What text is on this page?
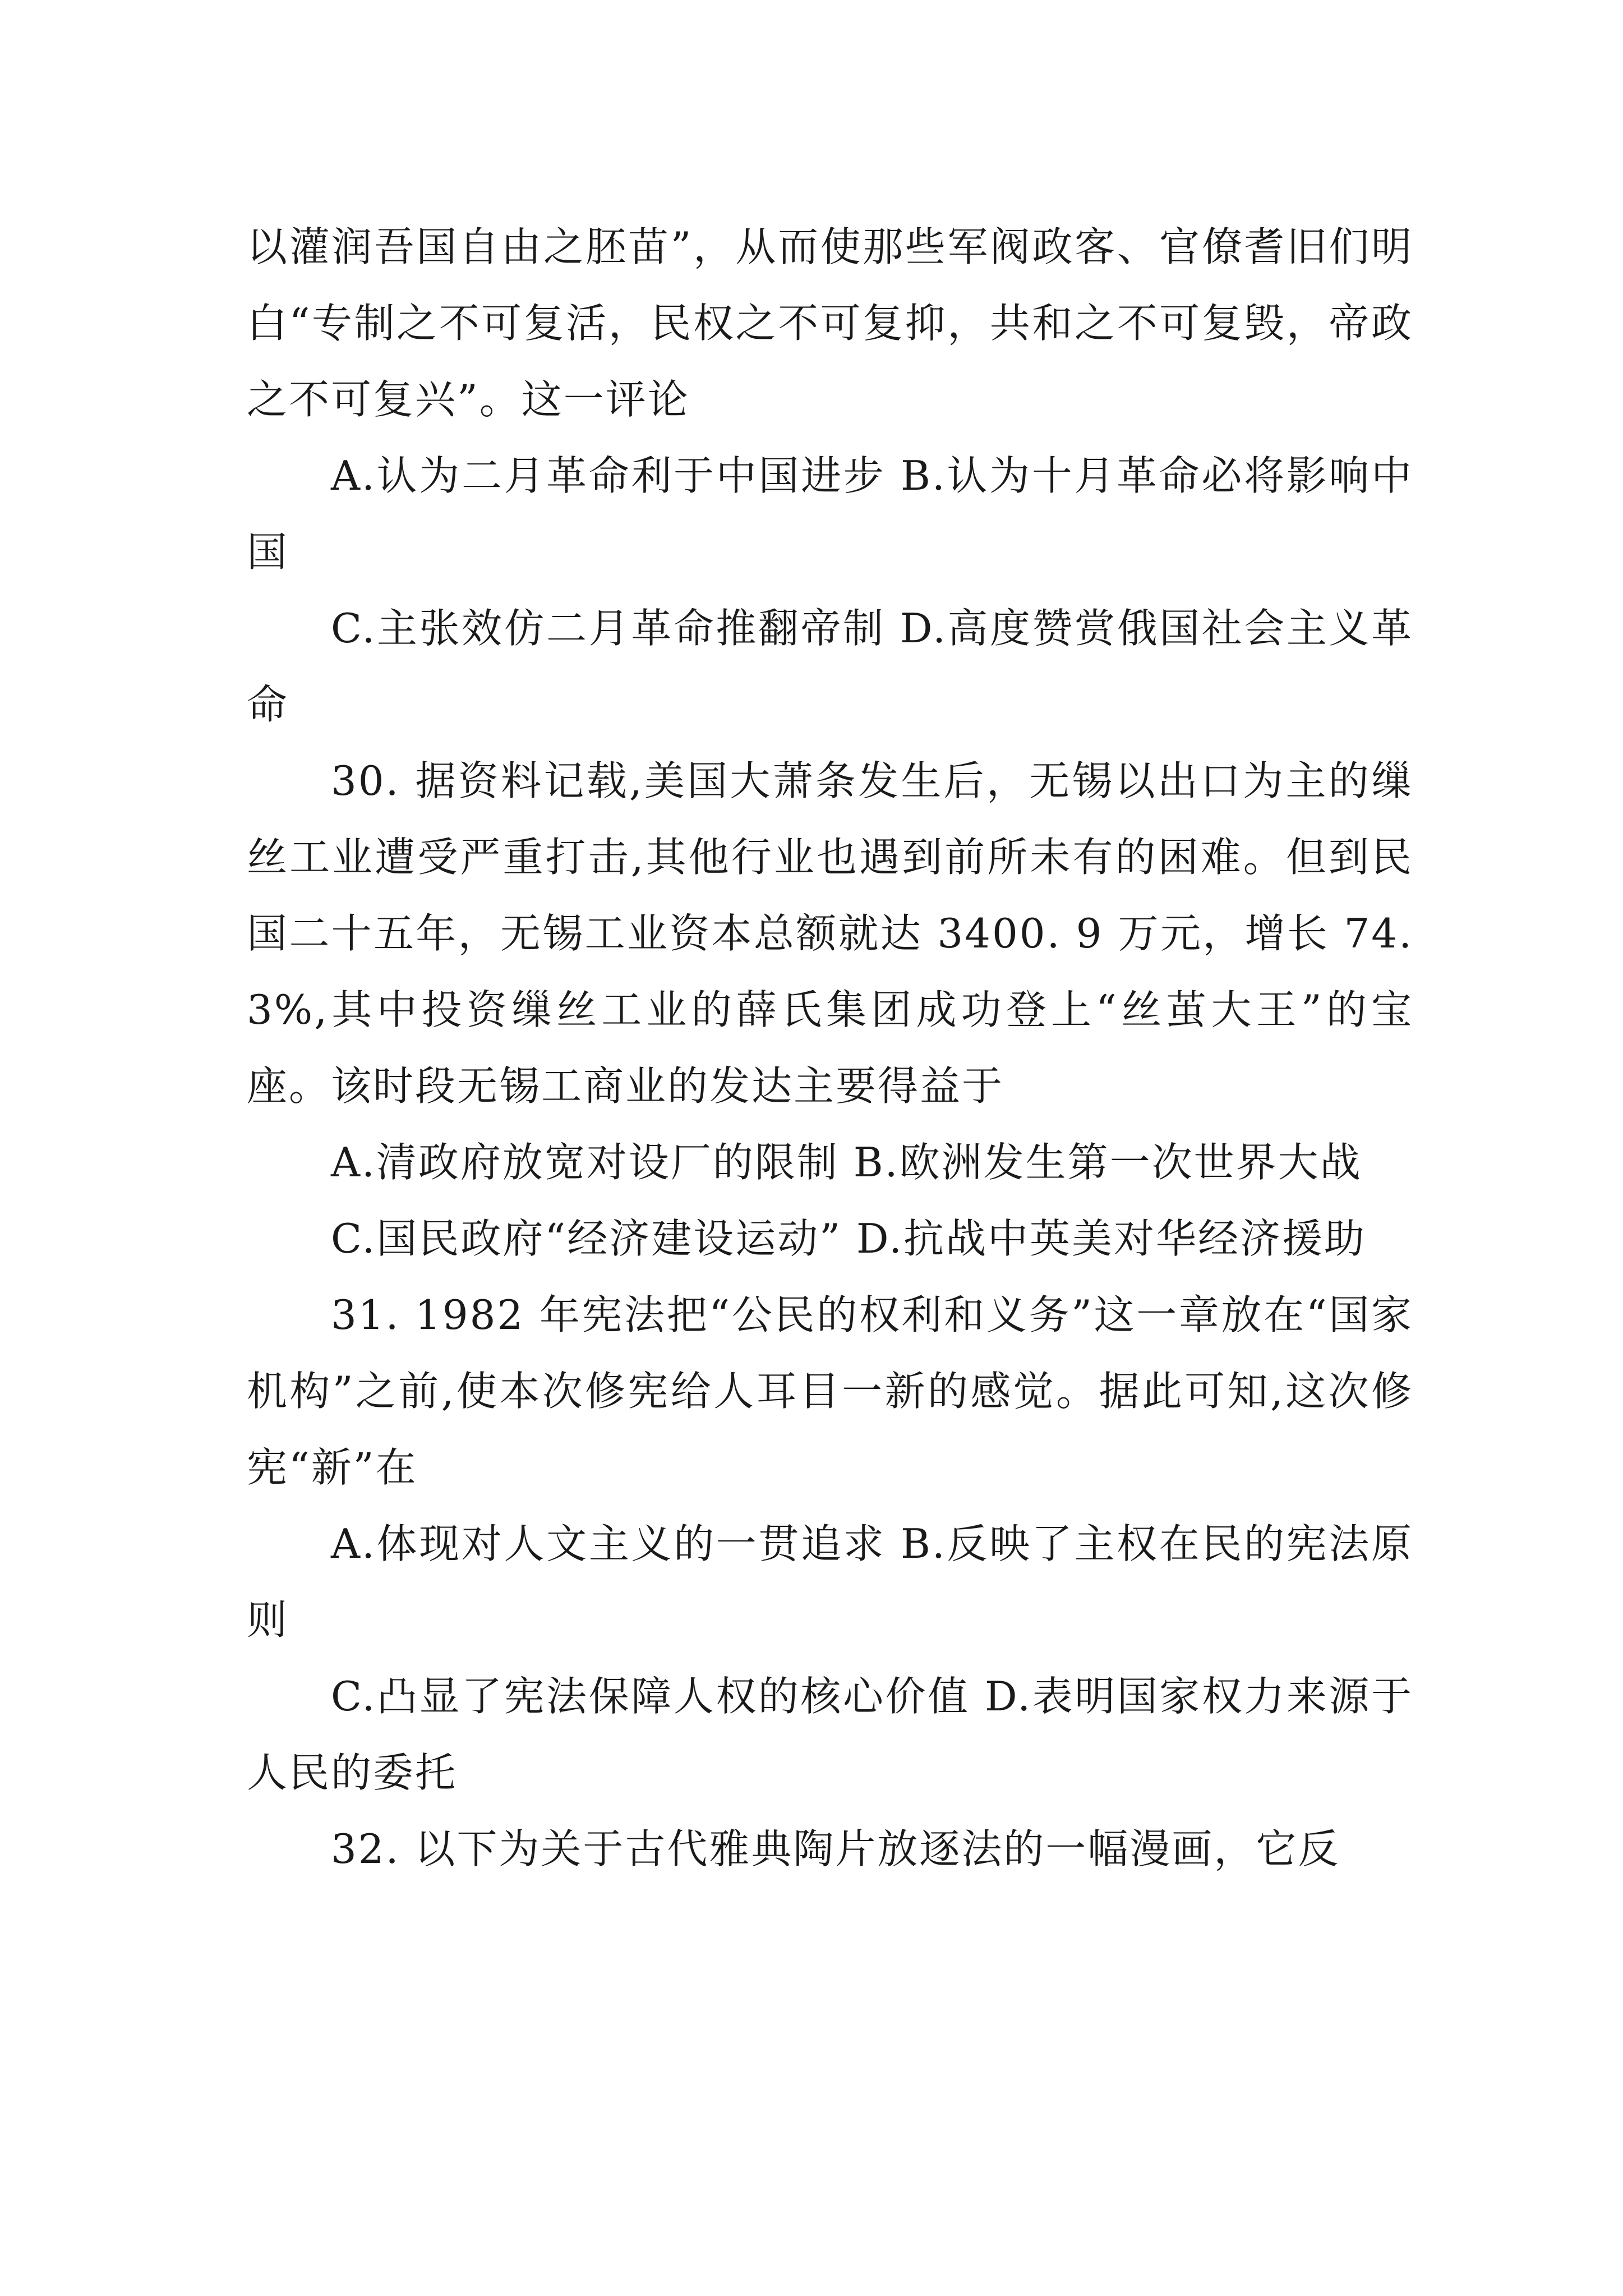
以灌润吾国自由之胚苗”，从而使那些军阀政客、官僚耆旧们明白“专制之不可复活，民权之不可复抑，共和之不可复毁，帝政之不可复兴”。这一评论

A.认为二月革命利于中国进步 B.认为十月革命必将影响中国

C.主张效仿二月革命推翻帝制 D.高度赞赏俄国社会主义革命

30. 据资料记载,美国大萧条发生后，无锡以出口为主的缫丝工业遭受严重打击,其他行业也遇到前所未有的困难。但到民国二十五年，无锡工业资本总额就达 3400. 9 万元，增长 74. 3%,其中投资缫丝工业的薛氏集团成功登上“丝茧大王”的宝座。该时段无锡工商业的发达主要得益于

A.清政府放宽对设厂的限制 B.欧洲发生第一次世界大战

C.国民政府“经济建设运动” D.抗战中英美对华经济援助

31. 1982 年宪法把“公民的权利和义务”这一章放在“国家机构”之前,使本次修宪给人耳目一新的感觉。据此可知,这次修宪“新”在

A.体现对人文主义的一贯追求 B.反映了主权在民的宪法原则

C.凸显了宪法保障人权的核心价值 D.表明国家权力来源于人民的委托

32. 以下为关于古代雅典陶片放逐法的一幅漫画，它反
